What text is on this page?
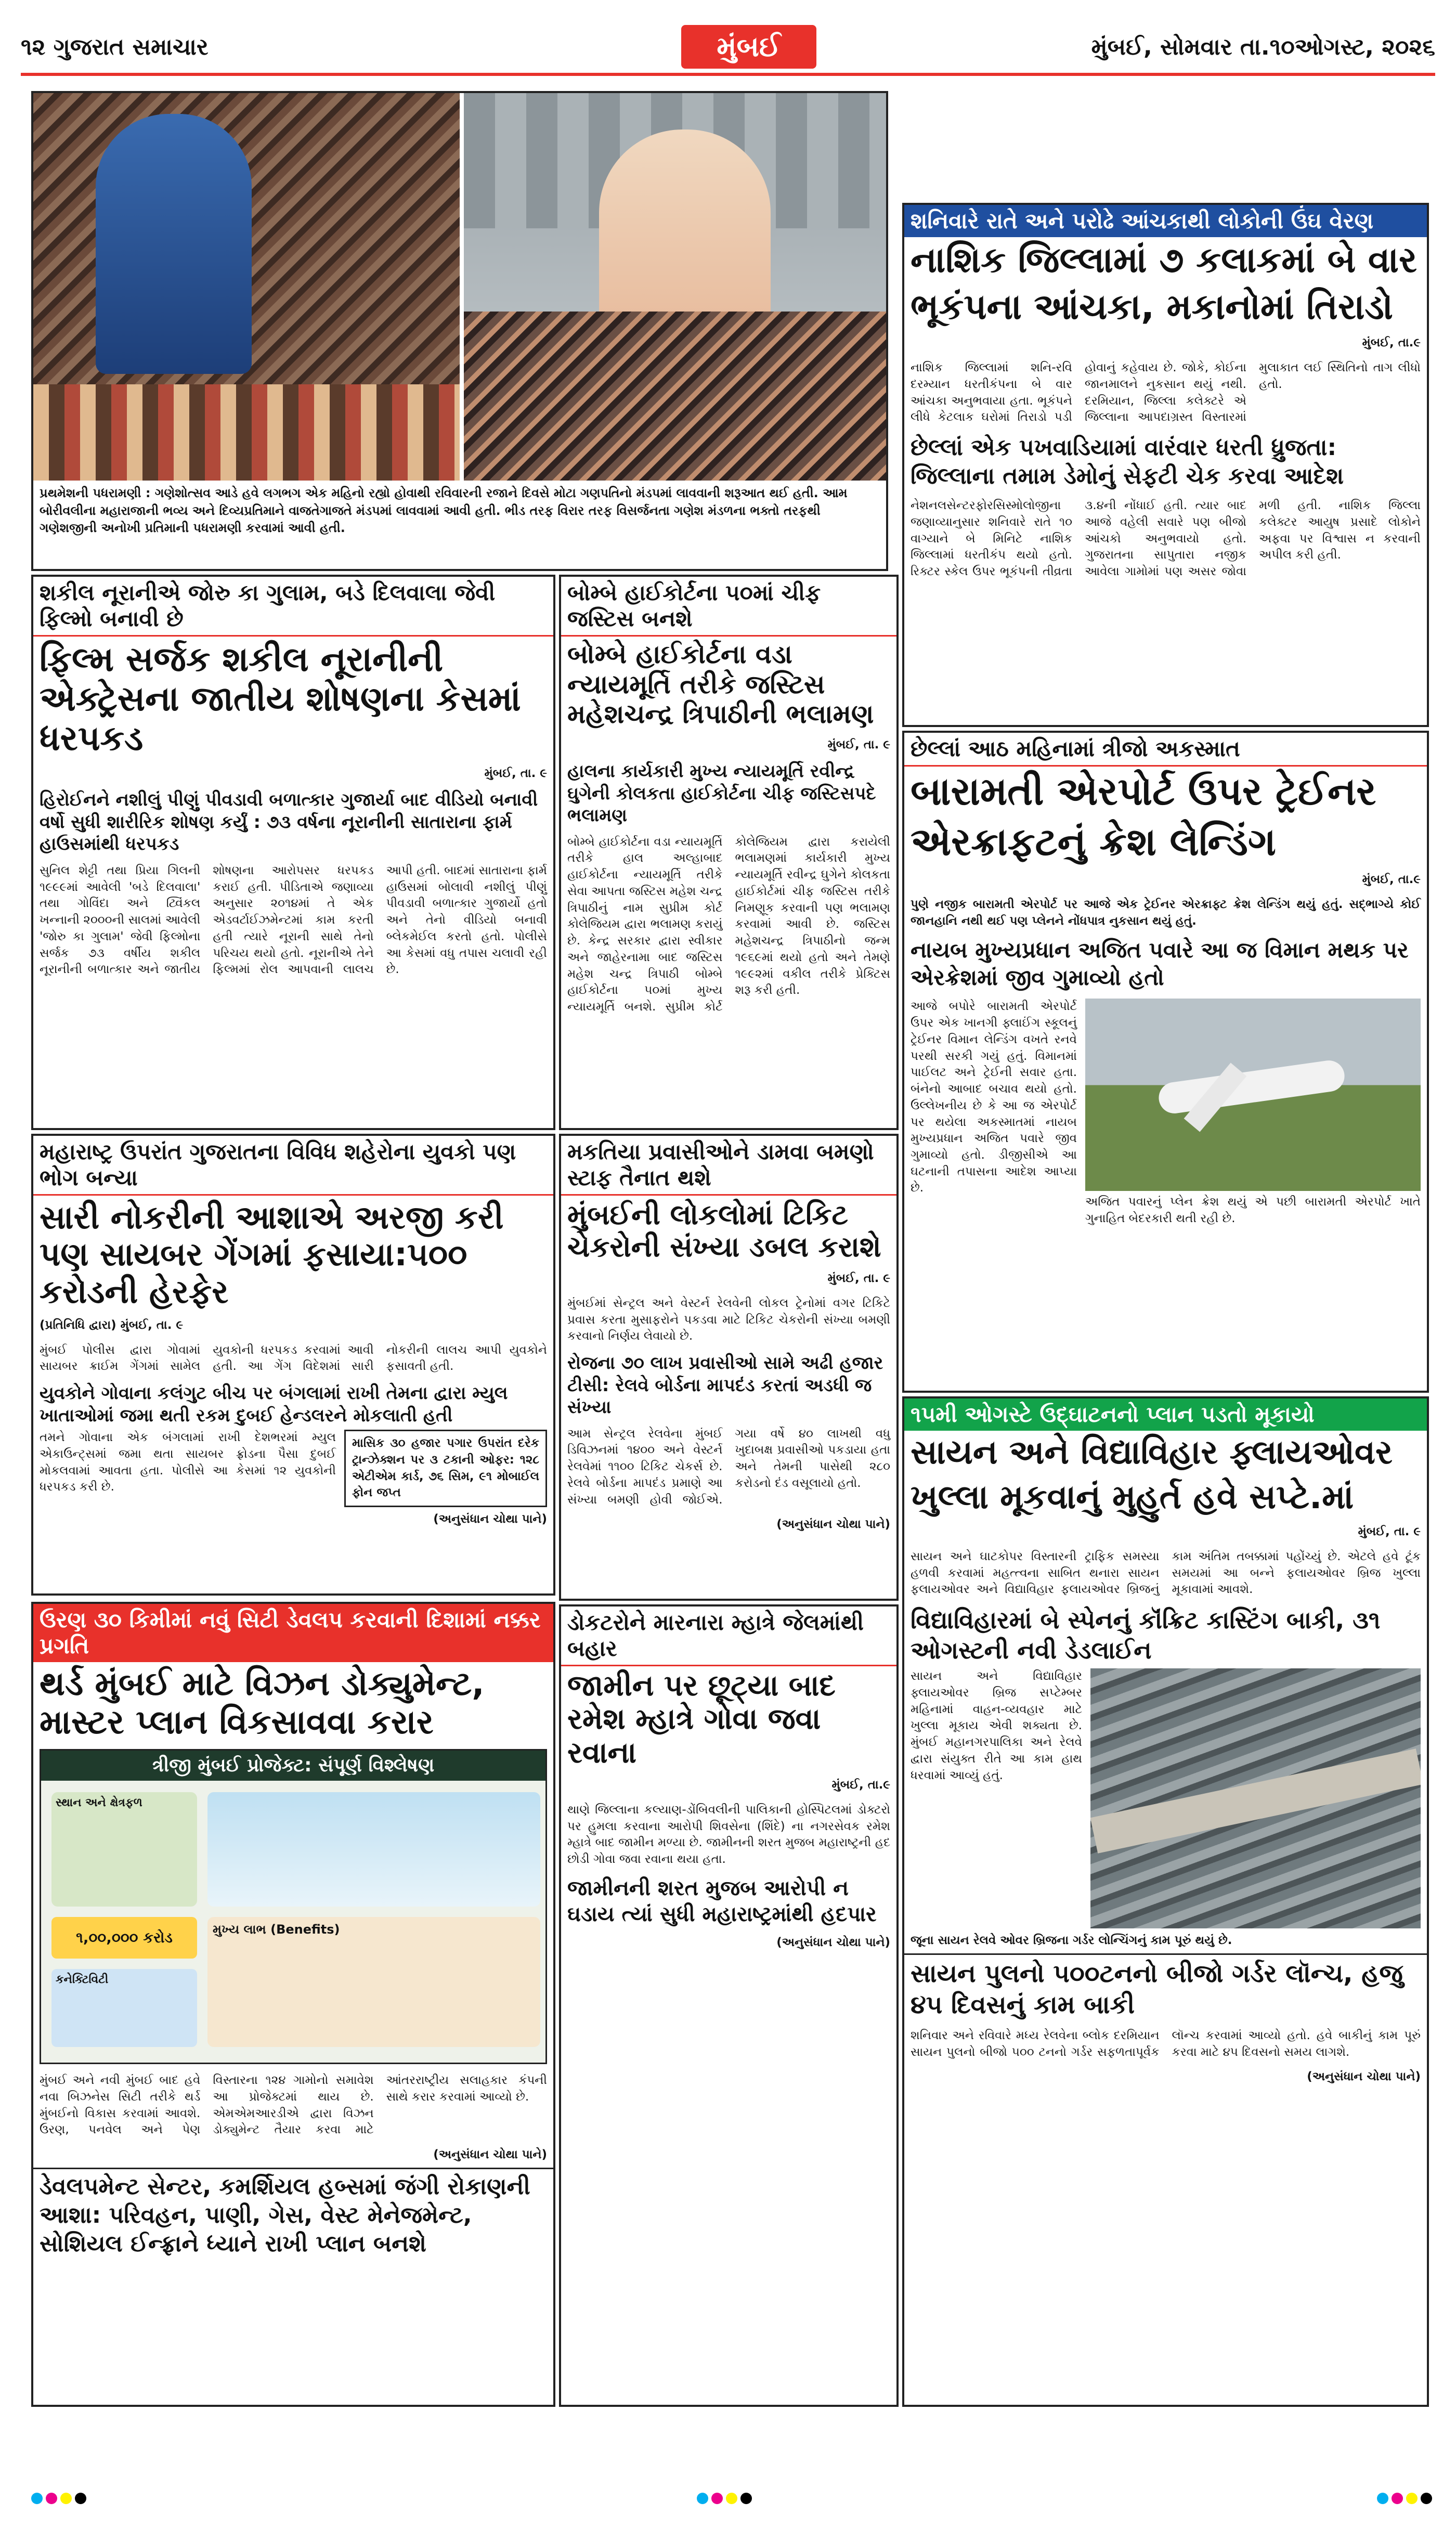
૧૨ ગુજરાત સમાચાર	મુંબઈ	મુંબઈ, સોમવાર તા.૧૦ઓગસ્ટ, ૨૦૨૬
પ્રથમેશની પધરામણી : ગણેશોત્સવ આડે હવે લગભગ એક મહિનો રહ્યો હોવાથી રવિવારની રજાને દિવસે મોટા ગણપતિનો મંડપમાં લાવવાની શરૂઆત થઈ હતી. આમ બોરીવલીના મહારાજાની ભવ્ય અને દિવ્યપ્રતિમાને વાજતેગાજતે મંડપમાં લાવવામાં આવી હતી. ભીડ તરફ વિરાર તરફ વિસર્જનતા ગણેશ મંડળના ભક્તો તરફથી ગણેશજીની અનોખી પ્રતિમાની પધરામણી કરવામાં આવી હતી.
શનિવારે રાતે અને પરોઢે આંચકાથી લોકોની ઉંઘ વેરણ
નાશિક જિલ્લામાં ૭ કલાકમાં બે વાર
ભૂકંપના આંચકા, મકાનોમાં તિરાડો
મુંબઈ, તા.૯
નાશિક જિલ્લામાં શનિ-રવિ દરમ્યાન ધરતીકંપના બે વાર આંચકા અનુભવાયા હતા. ભૂકંપને લીધે કેટલાક ઘરોમાં તિરાડો પડી હોવાનું કહેવાય છે. જોકે, કોઈના જાનમાલને નુકસાન થયું નથી. દરમિયાન, જિલ્લા કલેક્ટરે એ જિલ્લાના આપદાગ્રસ્ત વિસ્તારમાં મુલાકાત લઈ સ્થિતિનો તાગ લીધો હતો.
છેલ્લાં એક પખવાડિયામાં વારંવાર ધરતી ધ્રુજતા: જિલ્લાના તમામ ડેમોનું સેફટી ચેક કરવા આદેશ
નેશનલસેન્ટરફોરસિસ્મોલોજીના જણાવ્યાનુસાર શનિવારે રાતે ૧૦ વાગ્યાને બે મિનિટે નાશિક જિલ્લામાં ધરતીકંપ થયો હતો. રિક્ટર સ્કેલ ઉપર ભૂકંપની તીવ્રતા ૩.૪ની નોંધાઈ હતી. ત્યાર બાદ આજે વહેલી સવારે પણ બીજો આંચકો અનુભવાયો હતો. ગુજરાતના સાપુતારા નજીક આવેલા ગામોમાં પણ અસર જોવા મળી હતી. નાશિક જિલ્લા કલેક્ટર આયુષ પ્રસાદે લોકોને અફવા પર વિશ્વાસ ન કરવાની અપીલ કરી હતી.
શકીલ નૂરાનીએ જોરુ કા ગુલામ, બડે દિલવાલા જેવી ફિલ્મો બનાવી છે
ફિલ્મ સર્જક શકીલ નૂરાનીની એક્ટ્રેસના જાતીય શોષણના કેસમાં ધરપકડ
મુંબઈ, તા. ૯
હિરોઈનને નશીલું પીણું પીવડાવી બળાત્કાર ગુજાર્યા બાદ વીડિયો બનાવી વર્ષો સુધી શારીરિક શોષણ કર્યું : ૭૩ વર્ષના નૂરાનીની સાતારાના ફાર્મ હાઉસમાંથી ધરપકડ
સુનિલ શેટ્ટી તથા પ્રિયા ગિલની ૧૯૯૯માં આવેલી 'બડે દિલવાલા' તથા ગોવિંદા અને ટ્વિંકલ ખન્નાની ૨૦૦૦ની સાલમાં આવેલી 'જોરુ કા ગુલામ' જેવી ફિલ્મોના સર્જક ૭૩ વર્ષીય શકીલ નૂરાનીની બળાત્કાર અને જાતીય શોષણના આરોપસર ધરપકડ કરાઈ હતી. પીડિતાએ જણાવ્યા અનુસાર ૨૦૧૪માં તે એક એડવર્ટાઈઝમેન્ટમાં કામ કરતી હતી ત્યારે નૂરાની સાથે તેનો પરિચય થયો હતો. નૂરાનીએ તેને ફિલ્મમાં રોલ આપવાની લાલચ આપી હતી. બાદમાં સાતારાના ફાર્મ હાઉસમાં બોલાવી નશીલું પીણું પીવડાવી બળાત્કાર ગુજાર્યો હતો અને તેનો વીડિયો બનાવી બ્લેકમેઈલ કરતો હતો. પોલીસે આ કેસમાં વધુ તપાસ ચલાવી રહી છે.
બોમ્બે હાઈકોર્ટના ૫૦માં ચીફ જસ્ટિસ બનશે
બોમ્બે હાઈકોર્ટના વડા ન્યાયમૂર્તિ તરીકે જસ્ટિસ મહેશચન્દ્ર ત્રિપાઠીની ભલામણ
મુંબઈ, તા. ૯
હાલના કાર્યકારી મુખ્ય ન્યાયમૂર્તિ રવીન્દ્ર ઘુગેની કોલકતા હાઈકોર્ટના ચીફ જસ્ટિસપદે ભલામણ
બોમ્બે હાઈકોર્ટના વડા ન્યાયમૂર્તિ તરીકે હાલ અલ્હાબાદ હાઈકોર્ટના ન્યાયમૂર્તિ તરીકે સેવા આપતા જસ્ટિસ મહેશ ચન્દ્ર ત્રિપાઠીનું નામ સુપ્રીમ કોર્ટ કોલેજિયમ દ્વારા ભલામણ કરાયું છે. કેન્દ્ર સરકાર દ્વારા સ્વીકાર અને જાહેરનામા બાદ જસ્ટિસ મહેશ ચન્દ્ર ત્રિપાઠી બોમ્બે હાઈકોર્ટના ૫૦માં મુખ્ય ન્યાયમૂર્તિ બનશે. સુપ્રીમ કોર્ટ કોલેજિયમ દ્વારા કરાયેલી ભલામણમાં કાર્યકારી મુખ્ય ન્યાયમૂર્તિ રવીન્દ્ર ઘુગેને કોલકતા હાઈકોર્ટમાં ચીફ જસ્ટિસ તરીકે નિમણૂક કરવાની પણ ભલામણ કરવામાં આવી છે. જસ્ટિસ મહેશચન્દ્ર ત્રિપાઠીનો જન્મ ૧૯૬૯માં થયો હતો અને તેમણે ૧૯૯૨માં વકીલ તરીકે પ્રેક્ટિસ શરૂ કરી હતી.
છેલ્લાં આઠ મહિનામાં ત્રીજો અકસ્માત
બારામતી એરપોર્ટ ઉપર ટ્રેઈનર
એરક્રાફટનું ક્રેશ લેન્ડિંગ
મુંબઈ, તા.૯
પુણે નજીક બારામતી એરપોર્ટ પર આજે એક ટ્રેઈનર એરક્રાફ્ટ ક્રેશ લેન્ડિંગ થયું હતું. સદ્‌ભાગ્યે કોઈ જાનહાનિ નથી થઈ પણ પ્લેનને નોંધપાત્ર નુકસાન થયું હતું.
નાયબ મુખ્યપ્રધાન અજિત પવારે આ જ વિમાન મથક પર એરક્રેશમાં જીવ ગુમાવ્યો હતો
આજે બપોરે બારામતી એરપોર્ટ ઉપર એક ખાનગી ફ્લાઈંગ સ્કૂલનું ટ્રેઈનર વિમાન લેન્ડિંગ વખતે રનવે પરથી સરકી ગયું હતું. વિમાનમાં પાઈલટ અને ટ્રેઈની સવાર હતા. બંનેનો આબાદ બચાવ થયો હતો. ઉલ્લેખનીય છે કે આ જ એરપોર્ટ પર થયેલા અકસ્માતમાં નાયબ મુખ્યપ્રધાન અજિત પવારે જીવ ગુમાવ્યો હતો. ડીજીસીએ આ ઘટનાની તપાસના આદેશ આપ્યા છે.
અજિત પવારનું પ્લેન ક્રેશ થયું એ પછી બારામતી એરપોર્ટ ખાતે ગુનાહિત બેદરકારી થતી રહી છે.
મહારાષ્ટ્ર ઉપરાંત ગુજરાતના વિવિધ શહેરોના યુવકો પણ ભોગ બન્યા
સારી નોકરીની આશાએ અરજી કરી પણ સાયબર ગેંગમાં ફસાયા:૫૦૦ કરોડની હેરફેર
(પ્રતિનિધિ દ્વારા) મુંબઈ, તા. ૯
મુંબઈ પોલીસ દ્વારા ગોવામાં સાયબર ક્રાઈમ ગેંગમાં સામેલ યુવકોની ધરપકડ કરવામાં આવી હતી. આ ગેંગ વિદેશમાં સારી નોકરીની લાલચ આપી યુવકોને ફસાવતી હતી.
યુવકોને ગોવાના કલંગુટ બીચ પર બંગલામાં રાખી તેમના દ્વારા મ્યુલ ખાતાઓમાં જમા થતી રકમ દુબઈ હેન્ડલરને મોકલાતી હતી
તમને ગોવાના એક બંગલામાં રાખી દેશભરમાં મ્યુલ એકાઉન્ટ્સમાં જમા થતા સાયબર ફ્રોડના પૈસા દુબઈ મોકલવામાં આવતા હતા. પોલીસે આ કેસમાં ૧૨ યુવકોની ધરપકડ કરી છે.
માસિક ૩૦ હજાર પગાર ઉપરાંત દરેક ટ્રાન્ઝેક્શન પર ૩ ટકાની ઓફર: ૧૨૮ એટીએમ કાર્ડ, ૭૬ સિમ, ૯૧ મોબાઈલ ફોન જપ્ત
(અનુસંધાન ચોથા પાને)
મકતિયા પ્રવાસીઓને ડામવા બમણો સ્ટાફ તૈનાત થશે
મુંબઈની લોકલોમાં ટિકિટ ચેકરોની સંખ્યા ડબલ કરાશે
મુંબઈ, તા. ૯
મુંબઈમાં સેન્ટ્રલ અને વેસ્ટર્ન રેલવેની લોકલ ટ્રેનોમાં વગર ટિકિટે પ્રવાસ કરતા મુસાફરોને પકડવા માટે ટિકિટ ચેકરોની સંખ્યા બમણી કરવાનો નિર્ણય લેવાયો છે.
રોજના ૭૦ લાખ પ્રવાસીઓ સામે અઢી હજાર ટીસી: રેલવે બોર્ડના માપદંડ કરતાં અડધી જ સંખ્યા
આમ સેન્ટ્રલ રેલવેના મુંબઈ ડિવિઝનમાં ૧૪૦૦ અને વેસ્ટર્ન રેલવેમાં ૧૧૦૦ ટિકિટ ચેકર્સ છે. રેલવે બોર્ડના માપદંડ પ્રમાણે આ સંખ્યા બમણી હોવી જોઈએ. ગયા વર્ષે ૪૦ લાખથી વધુ ખુદાબક્ષ પ્રવાસીઓ પકડાયા હતા અને તેમની પાસેથી ૨૮૦ કરોડનો દંડ વસૂલાયો હતો.
(અનુસંધાન ચોથા પાને)
૧૫મી ઓગસ્ટે ઉદ્‌ઘાટનનો પ્લાન પડતો મૂકાયો
સાયન અને વિદ્યાવિહાર ફ્લાયઓવર
ખુલ્લા મૂકવાનું મુહુર્ત હવે સપ્ટે.માં
મુંબઈ, તા. ૯
સાયન અને ઘાટકોપર વિસ્તારની ટ્રાફિક સમસ્યા હળવી કરવામાં મહત્ત્વના સાબિત થનારા સાયન ફલાયઓવર અને વિદ્યાવિહાર ફલાયઓવર બ્રિજનું કામ અંતિમ તબક્કામાં પહોંચ્યું છે. એટલે હવે ટૂંક સમયમાં આ બન્ને ફલાયઓવર બ્રિજ ખુલ્લા મૂકાવામાં આવશે.
વિદ્યાવિહારમાં બે સ્પેનનું કૉંક્રિટ કાસ્ટિંગ બાકી, ૩૧ ઓગસ્ટની નવી ડેડલાઈન
સાયન અને વિદ્યાવિહાર ફ્લાયઓવર બ્રિજ સપ્ટેમ્બર મહિનામાં વાહન-વ્યવહાર માટે ખુલ્લા મૂકાય એવી શક્યતા છે. મુંબઈ મહાનગરપાલિકા અને રેલવે દ્વારા સંયુક્ત રીતે આ કામ હાથ ધરવામાં આવ્યું હતું.
જૂના સાયન રેલવે ઓવર બ્રિજના ગર્ડર લોન્ચિંગનું કામ પૂરું થયું છે.
સાયન પુલનો ૫૦૦ટનનો બીજો ગર્ડર લૉન્ચ, હજુ ૪૫ દિવસનું કામ બાકી
શનિવાર અને રવિવારે મધ્ય રેલવેના બ્લોક દરમિયાન સાયન પુલનો બીજો ૫૦૦ ટનનો ગર્ડર સફળતાપૂર્વક લૉન્ચ કરવામાં આવ્યો હતો. હવે બાકીનું કામ પૂરું કરવા માટે ૪૫ દિવસનો સમય લાગશે.
(અનુસંધાન ચોથા પાને)
ઉરણ ૩૦ કિમીમાં નવું સિટી ડેવલપ કરવાની દિશામાં નક્કર પ્રગતિ
થર્ડ મુંબઈ માટે વિઝન ડોક્યુમેન્ટ, માસ્ટર પ્લાન વિકસાવવા કરાર
ત્રીજી મુંબઈ પ્રોજેક્ટ: સંપૂર્ણ વિશ્લેષણ
સ્થાન અને ક્ષેત્રફળ
૧,૦૦,૦૦૦ કરોડ
કનેક્ટિવિટી
મુખ્ય લાભ (Benefits)
મુંબઈ અને નવી મુંબઈ બાદ હવે નવા બિઝનેસ સિટી તરીકે થર્ડ મુંબઈનો વિકાસ કરવામાં આવશે. ઉરણ, પનવેલ અને પેણ વિસ્તારના ૧૨૪ ગામોનો સમાવેશ આ પ્રોજેક્ટમાં થાય છે. એમએમઆરડીએ દ્વારા વિઝન ડોક્યુમેન્ટ તૈયાર કરવા માટે આંતરરાષ્ટ્રીય સલાહકાર કંપની સાથે કરાર કરવામાં આવ્યો છે.
(અનુસંધાન ચોથા પાને)
ડેવલપમેન્ટ સેન્ટર, કમર્શિયલ હબ્સમાં જંગી રોકાણની આશા: પરિવહન, પાણી, ગેસ, વેસ્ટ મેનેજમેન્ટ, સોશિયલ ઈન્ફ્રાને ધ્યાને રાખી પ્લાન બનશે
ડોકટરોને મારનારા મ્હાત્રે જેલમાંથી બહાર
જામીન પર છૂટ્યા બાદ રમેશ મ્હાત્રે ગોવા જવા રવાના
મુંબઈ, તા.૯
થાણે જિલ્લાના કલ્યાણ-ડોંબિવલીની પાલિકાની હોસ્પિટલમાં ડોક્ટરો પર હુમલા કરવાના આરોપી શિવસેના (શિંદે) ના નગરસેવક રમેશ મ્હાત્રે બાદ જામીન મળ્યા છે. જામીનની શરત મુજબ મહારાષ્ટ્રની હદ છોડી ગોવા જવા રવાના થયા હતા.
જામીનની શરત મુજબ આરોપી ન ઘડાય ત્યાં સુધી મહારાષ્ટ્રમાંથી હદપાર
(અનુસંધાન ચોથા પાને)
